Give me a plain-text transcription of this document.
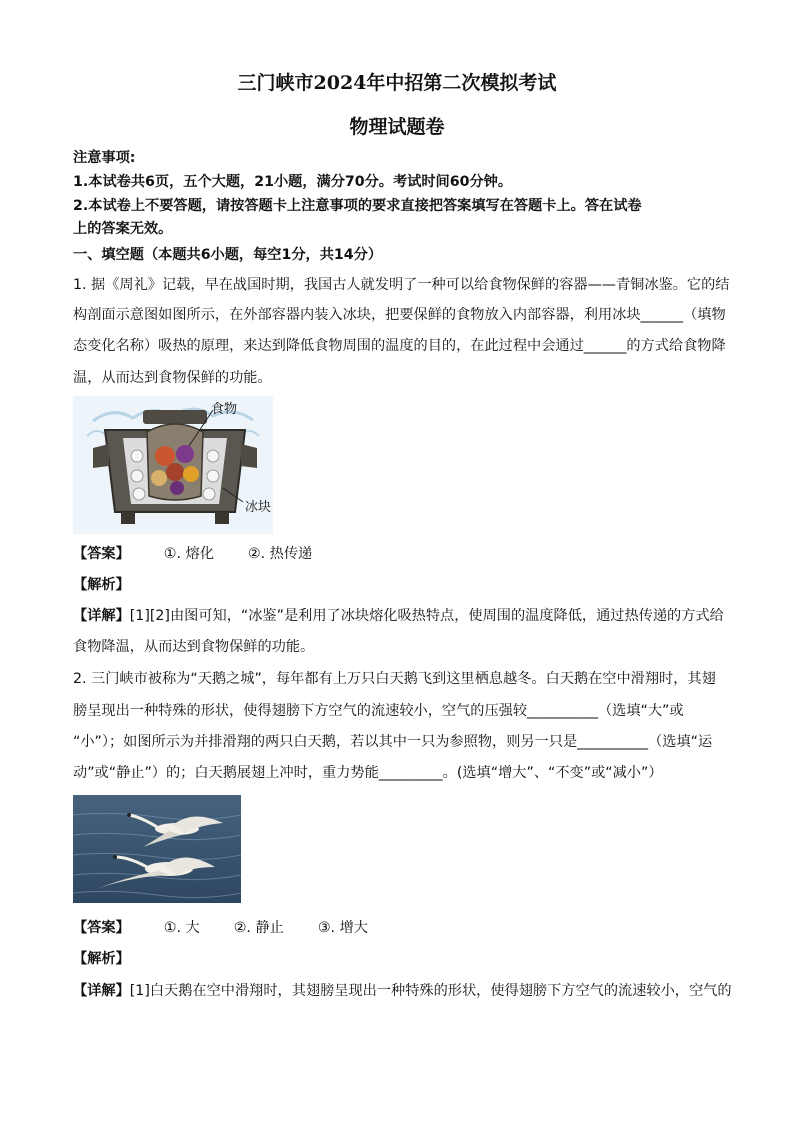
三门峡市2024年中招第二次模拟考试
物理试题卷
注意事项:
1.本试卷共6页，五个大题，21小题，满分70分。考试时间60分钟。
2.本试卷上不要答题，请按答题卡上注意事项的要求直接把答案填写在答题卡上。答在试卷
上的答案无效。
一、填空题（本题共6小题，每空1分，共14分）
1. 据《周礼》记载，早在战国时期，我国古人就发明了一种可以给食物保鲜的容器——青铜冰鉴。它的结
构剖面示意图如图所示，在外部容器内装入冰块，把要保鲜的食物放入内部容器，利用冰块______（填物
态变化名称）吸热的原理，来达到降低食物周围的温度的目的，在此过程中会通过______的方式给食物降
温，从而达到食物保鲜的功能。
食物
冰块
【答案】 ①. 熔化 ②. 热传递
【解析】
【详解】[1][2]由图可知，“冰鉴”是利用了冰块熔化吸热特点，使周围的温度降低，通过热传递的方式给
食物降温，从而达到食物保鲜的功能。
2. 三门峡市被称为“天鹅之城”，每年都有上万只白天鹅飞到这里栖息越冬。白天鹅在空中滑翔时，其翅
膀呈现出一种特殊的形状，使得翅膀下方空气的流速较小，空气的压强较__________（选填“大”或
“小”）；如图所示为并排滑翔的两只白天鹅，若以其中一只为参照物，则另一只是__________（选填“运
动”或“静止”）的；白天鹅展翅上冲时，重力势能_________。(选填“增大”、“不变”或“减小”）
【答案】 ①. 大 ②. 静止 ③. 增大
【解析】
【详解】[1]白天鹅在空中滑翔时，其翅膀呈现出一种特殊的形状，使得翅膀下方空气的流速较小，空气的
